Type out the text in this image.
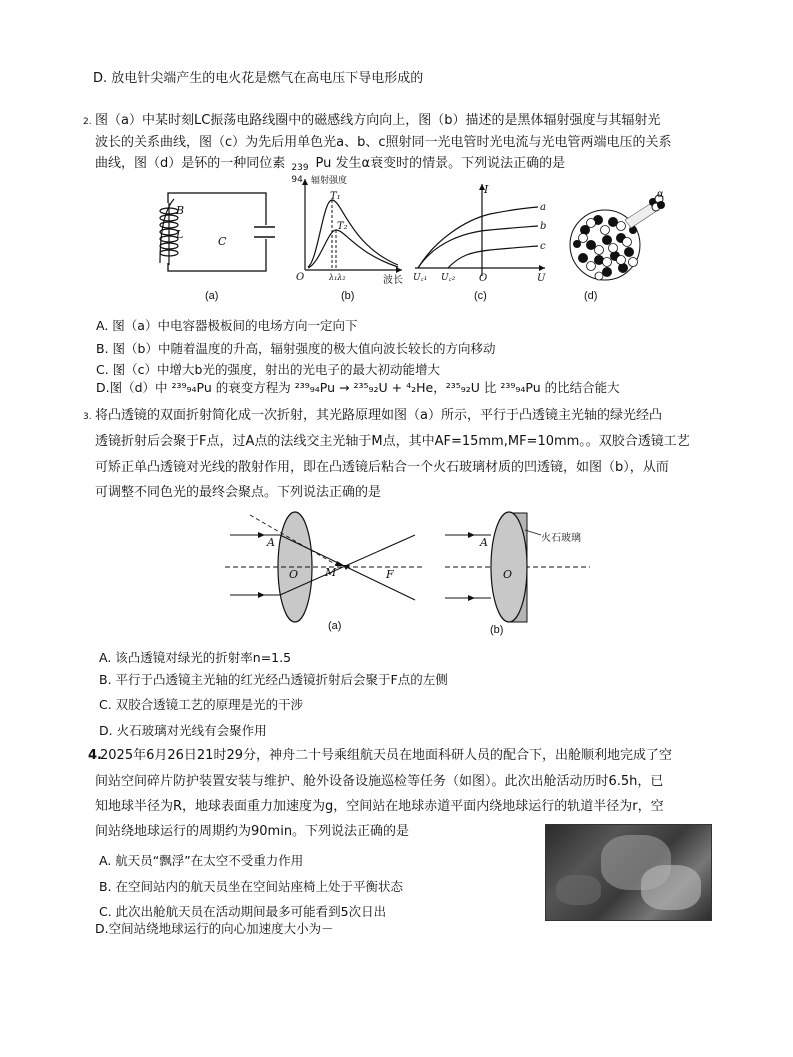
D. 放电针尖端产生的电火花是燃气在高电压下导电形成的
2. 图（a）中某时刻LC振荡电路线圈中的磁感线方向向上，图（b）描述的是黑体辐射强度与其辐射光
波长的关系曲线，图（c）为先后用单色光a、b、c照射同一光电管时光电流与光电管两端电压的关系
曲线，图（d）是钚的一种同位素 239
94
Pu 发生α衰变时的情景。下列说法正确的是
B
L
C
(a)
辐射强度
T₁
T₂
O	λ₁λ₂	波长
(b)
I
a
b
c
U꜀₁ U꜀₂ O	U
(c)
α
(d)
A. 图（a）中电容器极板间的电场方向一定向下
B. 图（b）中随着温度的升高，辐射强度的极大值向波长较长的方向移动
C. 图（c）中增大b光的强度，射出的光电子的最大初动能增大
D.图（d）中 ²³⁹₉₄Pu 的衰变方程为 ²³⁹₉₄Pu → ²³⁵₉₂U + ⁴₂He，²³⁵₉₂U 比 ²³⁹₉₄Pu 的比结合能大
3. 将凸透镜的双面折射简化成一次折射，其光路原理如图（a）所示，平行于凸透镜主光轴的绿光经凸
透镜折射后会聚于F点，过A点的法线交主光轴于M点，其中AF=15mm,MF=10mm。。双胶合透镜工艺
可矫正单凸透镜对光线的散射作用，即在凸透镜后粘合一个火石玻璃材质的凹透镜，如图（b），从而
可调整不同色光的最终会聚点。下列说法正确的是
A
O M	F
(a)
A
O
火石玻璃
(b)
A. 该凸透镜对绿光的折射率n=1.5
B. 平行于凸透镜主光轴的红光经凸透镜折射后会聚于F点的左侧
C. 双胶合透镜工艺的原理是光的干涉
D. 火石玻璃对光线有会聚作用
4.
2025年6月26日21时29分，神舟二十号乘组航天员在地面科研人员的配合下，出舱顺利地完成了空
间站空间碎片防护装置安装与维护、舱外设备设施巡检等任务（如图）。此次出舱活动历时6.5h，已
知地球半径为R，地球表面重力加速度为g，空间站在地球赤道平面内绕地球运行的轨道半径为r，空
间站绕地球运行的周期约为90min。下列说法正确的是
A. 航天员“飘浮”在太空不受重力作用
B. 在空间站内的航天员坐在空间站座椅上处于平衡状态
C. 此次出舱航天员在活动期间最多可能看到5次日出
D.空间站绕地球运行的向心加速度大小为－
